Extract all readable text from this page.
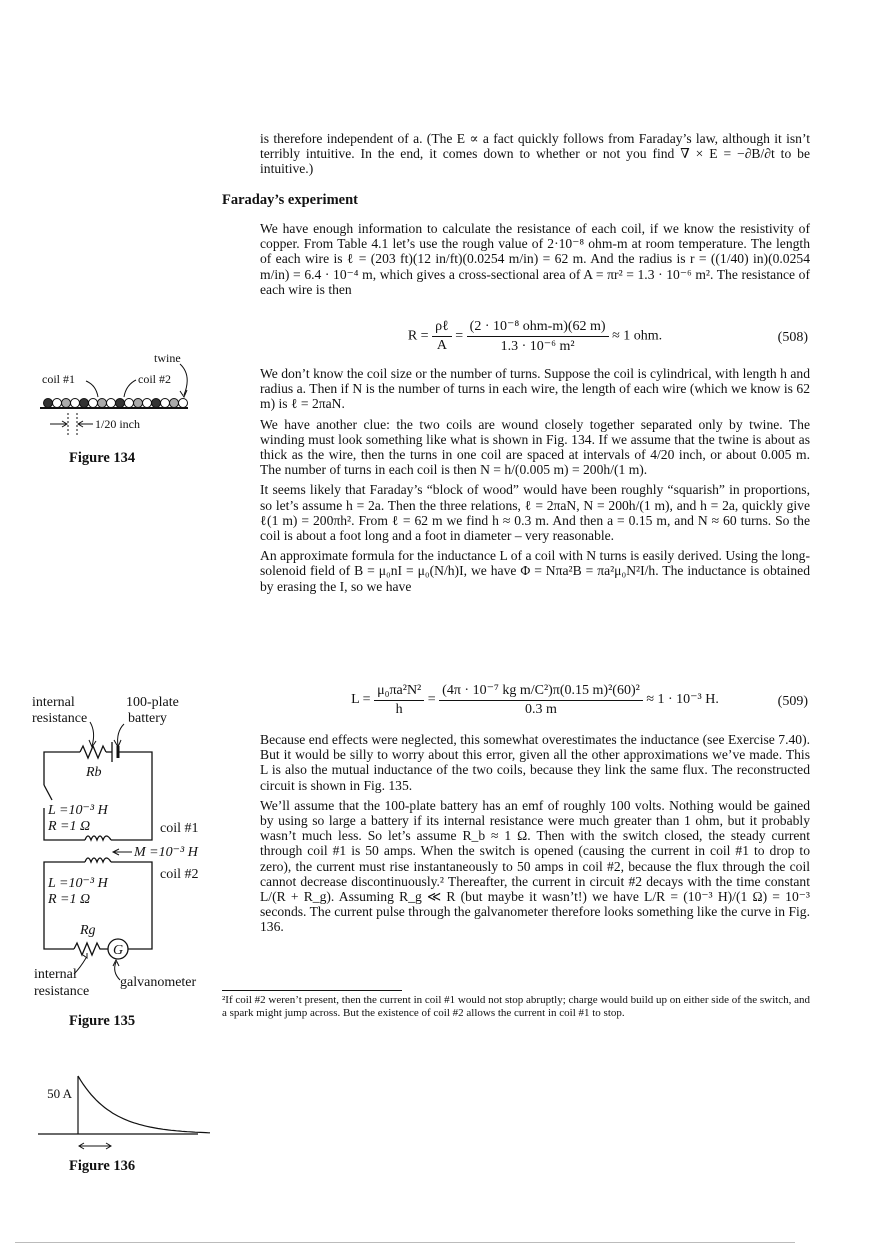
is therefore independent of a. (The E ∝ a fact quickly follows from Faraday’s law, although it isn’t terribly intuitive. In the end, it comes down to whether or not you find ∇ × E = −∂B/∂t to be intuitive.)

Faraday’s experiment

We have enough information to calculate the resistance of each coil, if we know the resistivity of copper. From Table 4.1 let’s use the rough value of 2·10⁻⁸ ohm-m at room temperature. The length of each wire is ℓ = (203 ft)(12 in/ft)(0.0254 m/in) = 62 m. And the radius is r = ((1/40) in)(0.0254 m/in) = 6.4 · 10⁻⁴ m, which gives a cross-sectional area of A = πr² = 1.3 · 10⁻⁶ m². The resistance of each wire is then

$R = \frac{\text{ρℓ}}{A} = \frac{\text{(2 · 10⁻⁸ ohm-m)(62 m)}}{\text{1.3 · 10⁻⁶ m²}} \approx 1$ ohm.	(508)

We don’t know the coil size or the number of turns. Suppose the coil is cylindrical, with length h and radius a. Then if N is the number of turns in each wire, the length of each wire (which we know is 62 m) is ℓ = 2πaN.

We have another clue: the two coils are wound closely together separated only by twine. The winding must look something like what is shown in Fig. 134. If we assume that the twine is about as thick as the wire, then the turns in one coil are spaced at intervals of 4/20 inch, or about 0.005 m. The number of turns in each coil is then N = h/(0.005 m) = 200h/(1 m).

It seems likely that Faraday’s “block of wood” would have been roughly “squarish” in proportions, so let’s assume h = 2a. Then the three relations, ℓ = 2πaN, N = 200h/(1 m), and h = 2a, quickly give ℓ(1 m) = 200πh². From ℓ = 62 m we find h ≈ 0.3 m. And then a = 0.15 m, and N ≈ 60 turns. So the coil is about a foot long and a foot in diameter – very reasonable.

An approximate formula for the inductance L of a coil with N turns is easily derived. Using the long-solenoid field of B = μ₀nI = μ₀(N/h)I, we have Φ = Nπa²B = πa²μ₀N²I/h. The inductance is obtained by erasing the I, so we have

$L = \frac{\text{μ₀πa²N²}}{h} = \frac{\text{(4π · 10⁻⁷ kg m/C²)π(0.15 m)²(60)²}}{0.3 m} \approx 1 \cdot 10^{-3}$ H.	(509)

Because end effects were neglected, this somewhat overestimates the inductance (see Exercise 7.40). But it would be silly to worry about this error, given all the other approximations we’ve made. This L is also the mutual inductance of the two coils, because they link the same flux. The reconstructed circuit is shown in Fig. 135.

We’ll assume that the 100-plate battery has an emf of roughly 100 volts. Nothing would be gained by using so large a battery if its internal resistance were much greater than 1 ohm, but it probably wasn’t much less. So let’s assume R_b ≈ 1 Ω. Then with the switch closed, the steady current through coil #1 is 50 amps. When the switch is opened (causing the current in coil #1 to drop to zero), the current must rise instantaneously to 50 amps in coil #2, because the flux through the coil cannot decrease discontinuously.² Thereafter, the current in circuit #2 decays with the time constant L/(R + R_g). Assuming R_g ≪ R (but maybe it wasn’t!) we have L/R = (10⁻³ H)/(1 Ω) = 10⁻³ seconds. The current pulse through the galvanometer therefore looks something like the curve in Fig. 136.

²If coil #2 weren’t present, then the current in coil #1 would not stop abruptly; charge would build up on either side of the switch, and a spark might jump across. But the existence of coil #2 allows the current in coil #1 to stop.
twine
coil #1	coil #2
1/20 inch
Figure 134
internal
resistance
100-plate
battery
Rb
L =10⁻³ H
R =1 Ω	coil #1
M =10⁻³ H
coil #2
L =10⁻³ H
R =1 Ω
Rg
G
internal
resistance
galvanometer
Figure 135
50 A
Figure 136
